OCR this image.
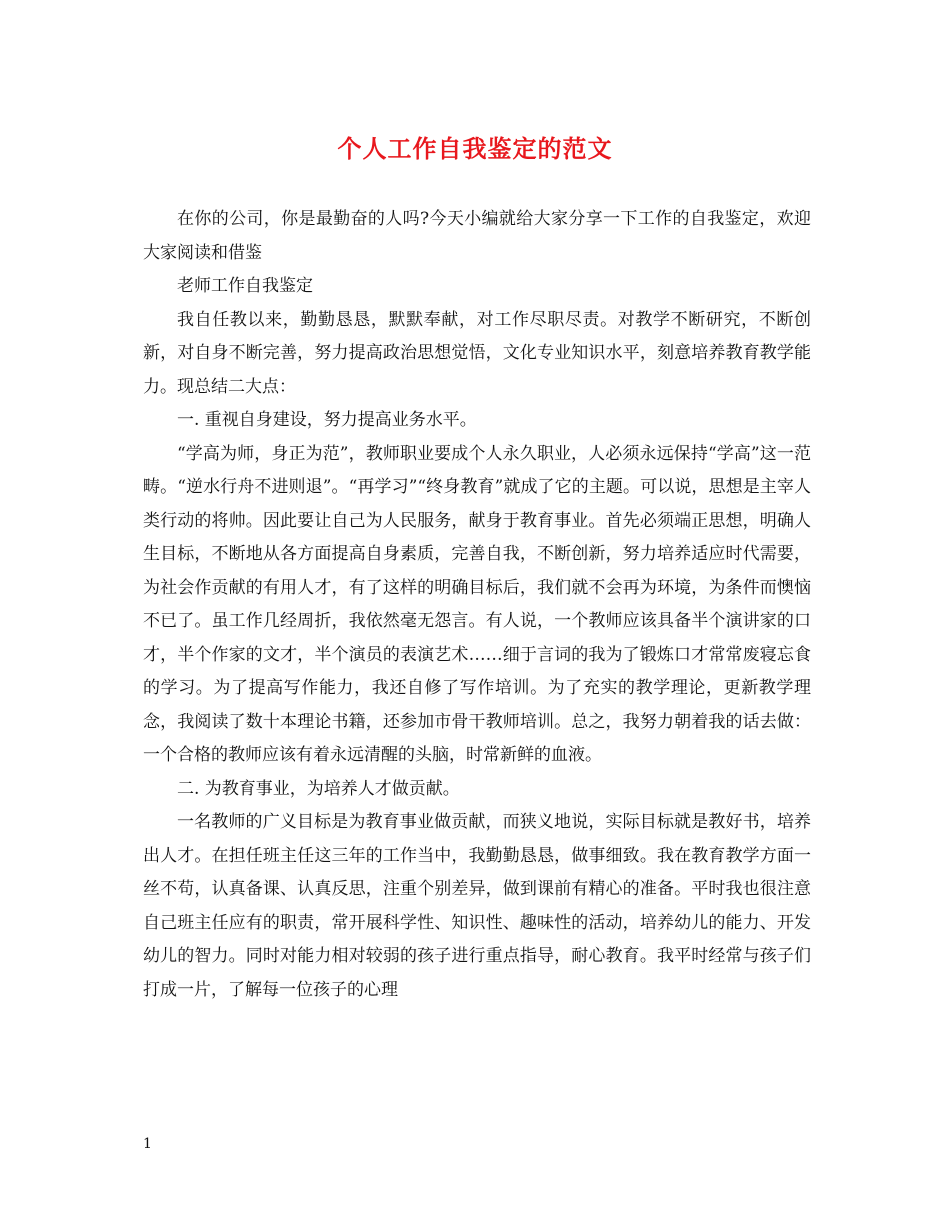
个人工作自我鉴定的范文

在你的公司，你是最勤奋的人吗?今天小编就给大家分享一下工作的自我鉴定，欢迎大家阅读和借鉴

老师工作自我鉴定

我自任教以来，勤勤恳恳，默默奉献，对工作尽职尽责。对教学不断研究，不断创新，对自身不断完善，努力提高政治思想觉悟，文化专业知识水平，刻意培养教育教学能力。现总结二大点：

一. 重视自身建设，努力提高业务水平。

“学高为师，身正为范”，教师职业要成个人永久职业，人必须永远保持“学高”这一范畴。“逆水行舟不进则退”。“再学习”“终身教育”就成了它的主题。可以说，思想是主宰人类行动的将帅。因此要让自己为人民服务，献身于教育事业。首先必须端正思想，明确人生目标，不断地从各方面提高自身素质，完善自我，不断创新，努力培养适应时代需要，为社会作贡献的有用人才，有了这样的明确目标后，我们就不会再为环境，为条件而懊恼不已了。虽工作几经周折，我依然毫无怨言。有人说，一个教师应该具备半个演讲家的口才，半个作家的文才，半个演员的表演艺术……细于言词的我为了锻炼口才常常废寝忘食的学习。为了提高写作能力，我还自修了写作培训。为了充实的教学理论，更新教学理念，我阅读了数十本理论书籍，还参加市骨干教师培训。总之，我努力朝着我的话去做：一个合格的教师应该有着永远清醒的头脑，时常新鲜的血液。

二. 为教育事业，为培养人才做贡献。

一名教师的广义目标是为教育事业做贡献，而狭义地说，实际目标就是教好书，培养出人才。在担任班主任这三年的工作当中，我勤勤恳恳，做事细致。我在教育教学方面一丝不苟，认真备课、认真反思，注重个别差异，做到课前有精心的准备。平时我也很注意自己班主任应有的职责，常开展科学性、知识性、趣味性的活动，培养幼儿的能力、开发幼儿的智力。同时对能力相对较弱的孩子进行重点指导，耐心教育。我平时经常与孩子们打成一片，了解每一位孩子的心理

1
